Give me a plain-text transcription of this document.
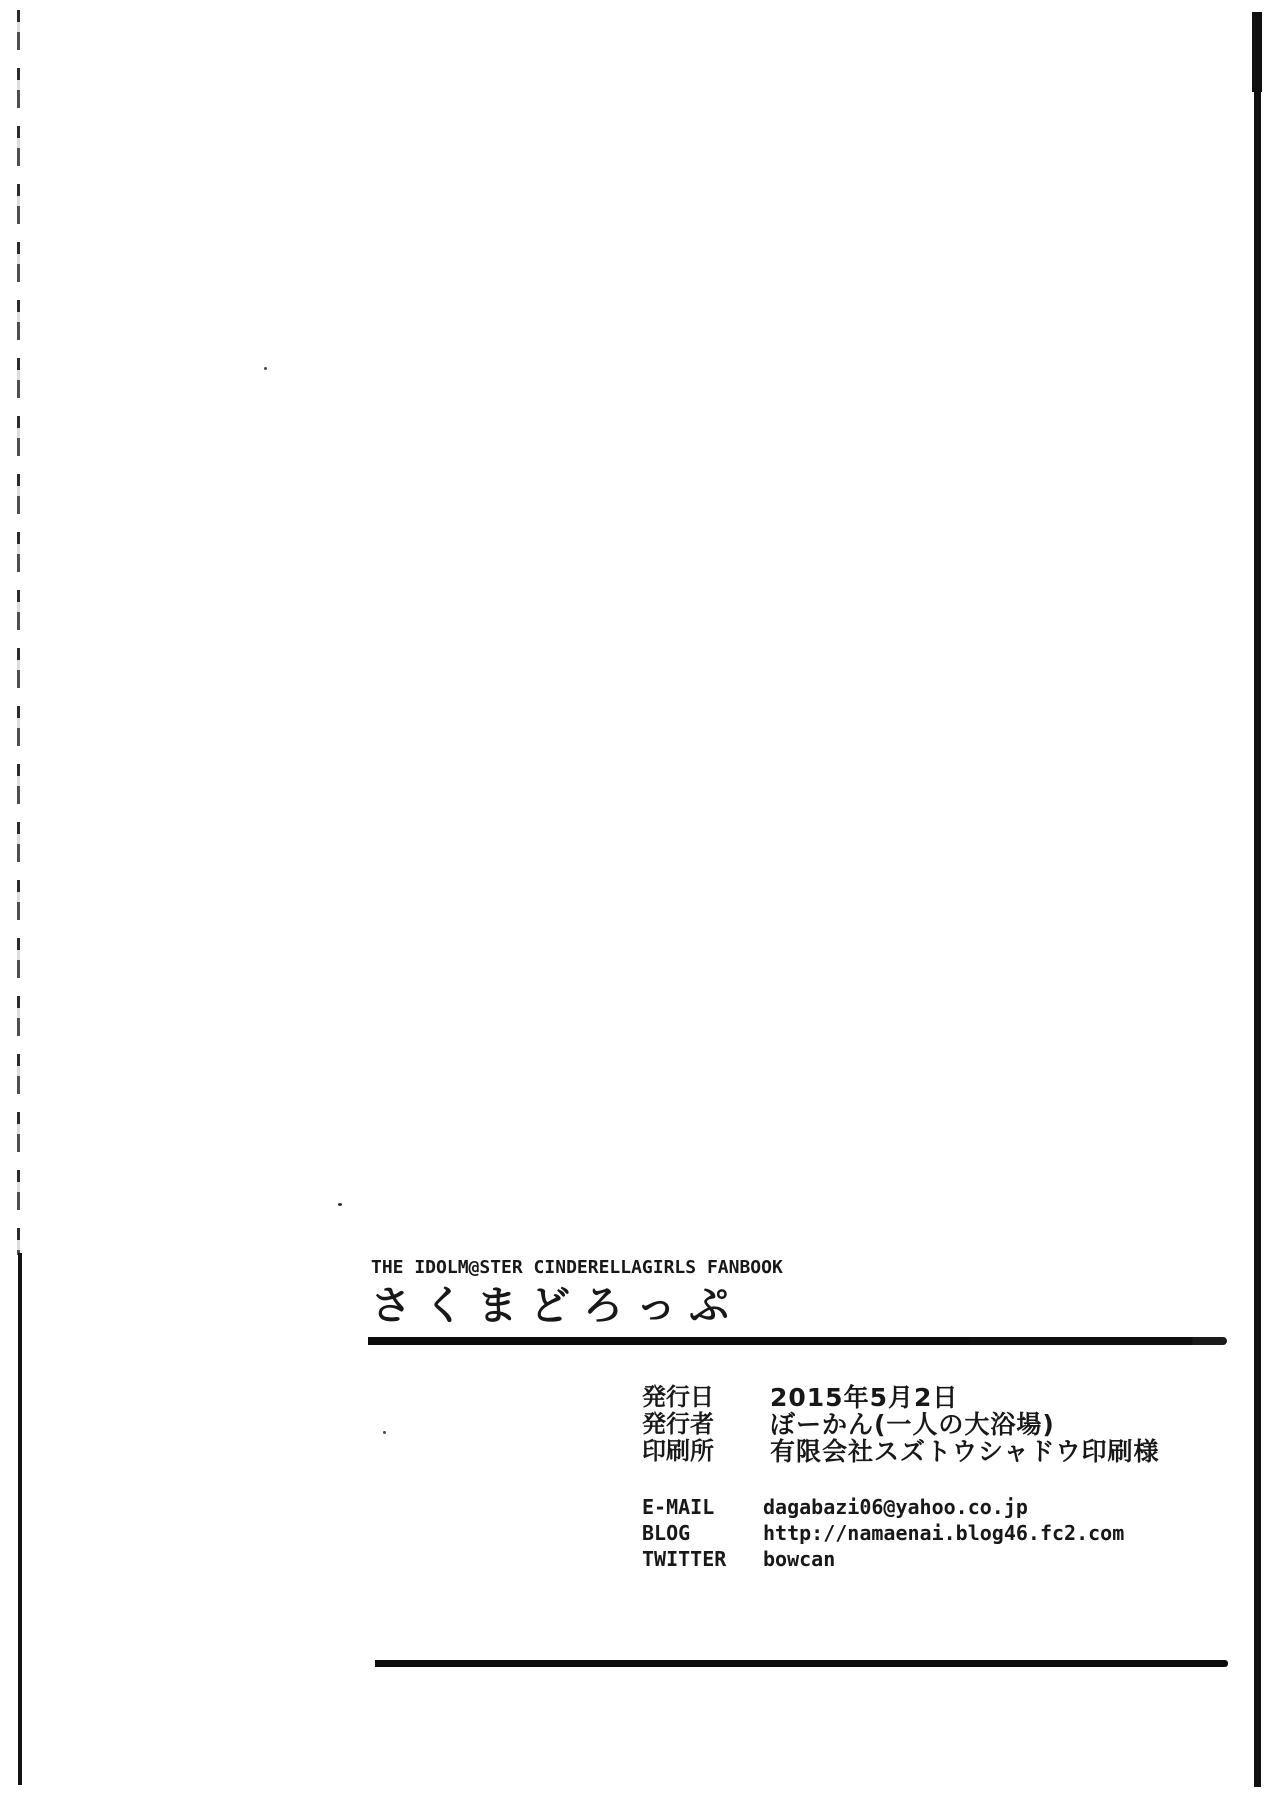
THE IDOLM@STER CINDERELLAGIRLS FANBOOK
さくまどろっぷ
発行日	2015年5月2日
発行者	ぼーかん(一人の大浴場)
印刷所	有限会社スズトウシャドウ印刷様
E-MAIL	dagabazi06@yahoo.co.jp
BLOG	http://namaenai.blog46.fc2.com
TWITTER	bowcan
